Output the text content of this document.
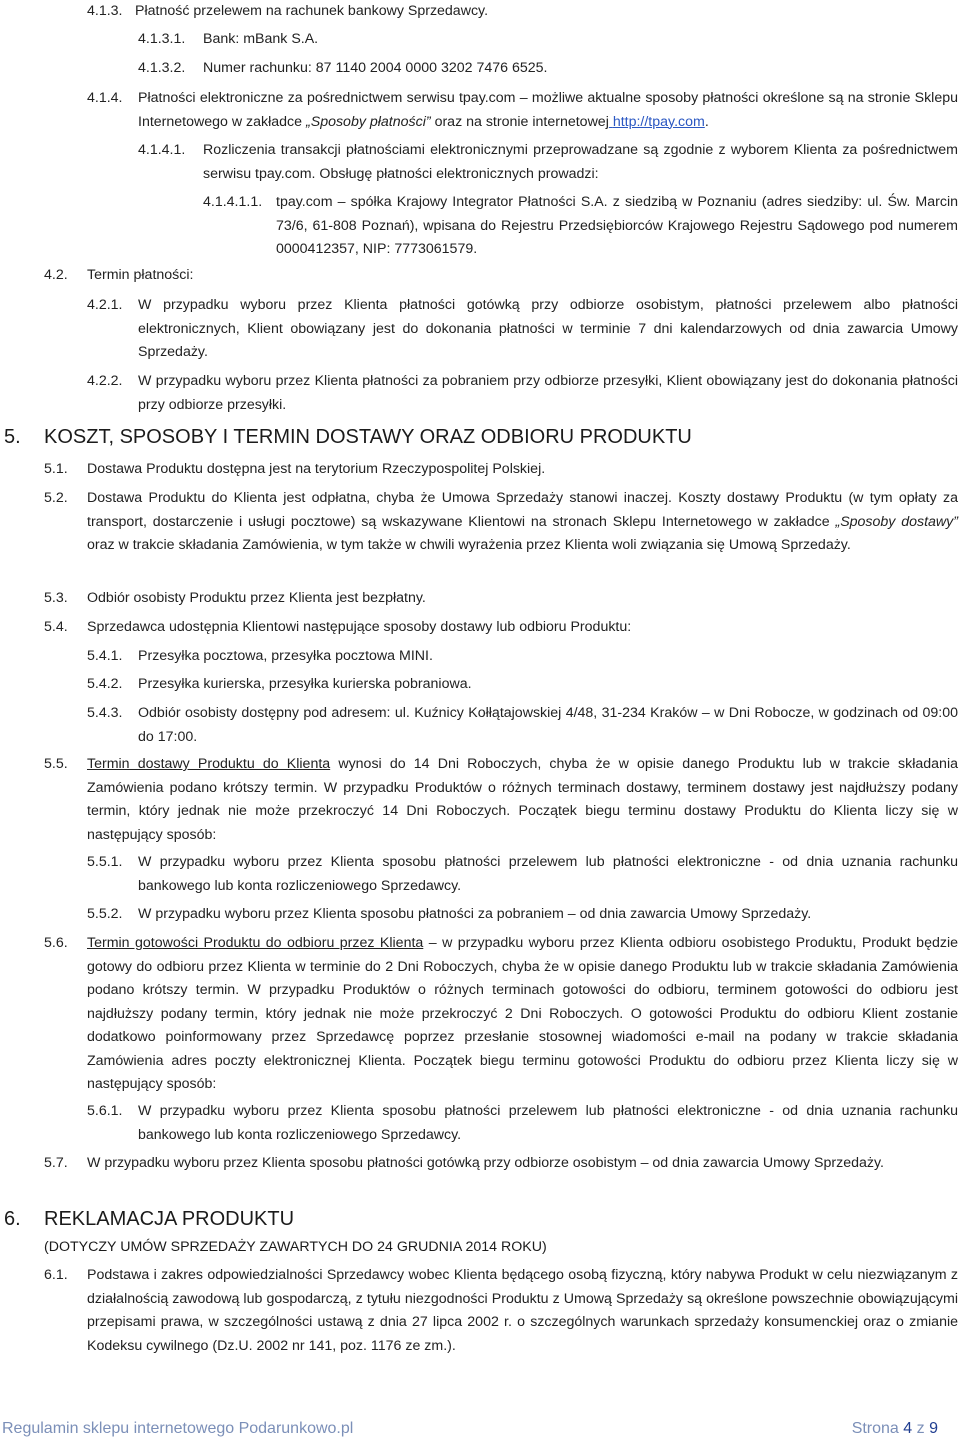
4.1.3. Płatność przelewem na rachunek bankowy Sprzedawcy.
4.1.3.1. Bank: mBank S.A.
4.1.3.2. Numer rachunku: 87 1140 2004 0000 3202 7476 6525.
4.1.4. Płatności elektroniczne za pośrednictwem serwisu tpay.com – możliwe aktualne sposoby płatności określone są na stronie Sklepu Internetowego w zakładce „Sposoby płatności” oraz na stronie internetowej http://tpay.com.
4.1.4.1. Rozliczenia transakcji płatnościami elektronicznymi przeprowadzane są zgodnie z wyborem Klienta za pośrednictwem serwisu tpay.com. Obsługę płatności elektronicznych prowadzi:
4.1.4.1.1. tpay.com – spółka Krajowy Integrator Płatności S.A. z siedzibą w Poznaniu (adres siedziby: ul. Św. Marcin 73/6, 61-808 Poznań), wpisana do Rejestru Przedsiębiorców Krajowego Rejestru Sądowego pod numerem 0000412357, NIP: 7773061579.
4.2. Termin płatności:
4.2.1. W przypadku wyboru przez Klienta płatności gotówką przy odbiorze osobistym, płatności przelewem albo płatności elektronicznych, Klient obowiązany jest do dokonania płatności w terminie 7 dni kalendarzowych od dnia zawarcia Umowy Sprzedaży.
4.2.2. W przypadku wyboru przez Klienta płatności za pobraniem przy odbiorze przesyłki, Klient obowiązany jest do dokonania płatności przy odbiorze przesyłki.
5. KOSZT, SPOSOBY I TERMIN DOSTAWY ORAZ ODBIORU PRODUKTU
5.1. Dostawa Produktu dostępna jest na terytorium Rzeczypospolitej Polskiej.
5.2. Dostawa Produktu do Klienta jest odpłatna, chyba że Umowa Sprzedaży stanowi inaczej. Koszty dostawy Produktu (w tym opłaty za transport, dostarczenie i usługi pocztowe) są wskazywane Klientowi na stronach Sklepu Internetowego w zakładce „Sposoby dostawy”oraz w trakcie składania Zamówienia, w tym także w chwili wyrażenia przez Klienta woli związania się Umową Sprzedaży.
5.3. Odbiór osobisty Produktu przez Klienta jest bezpłatny.
5.4. Sprzedawca udostępnia Klientowi następujące sposoby dostawy lub odbioru Produktu:
5.4.1. Przesyłka pocztowa, przesyłka pocztowa MINI.
5.4.2. Przesyłka kurierska, przesyłka kurierska pobraniowa.
5.4.3. Odbiór osobisty dostępny pod adresem: ul. Kuźnicy Kołłątajowskiej 4/48, 31-234 Kraków – w Dni Robocze, w godzinach od 09:00 do 17:00.
5.5. Termin dostawy Produktu do Klienta wynosi do 14 Dni Roboczych, chyba że w opisie danego Produktu lub w trakcie składania Zamówienia podano krótszy termin. W przypadku Produktów o różnych terminach dostawy, terminem dostawy jest najdłuższy podany termin, który jednak nie może przekroczyć 14 Dni Roboczych. Początek biegu terminu dostawy Produktu do Klienta liczy się w następujący sposób:
5.5.1. W przypadku wyboru przez Klienta sposobu płatności przelewem lub płatności elektroniczne - od dnia uznania rachunku bankowego lub konta rozliczeniowego Sprzedawcy.
5.5.2. W przypadku wyboru przez Klienta sposobu płatności za pobraniem – od dnia zawarcia Umowy Sprzedaży.
5.6. Termin gotowości Produktu do odbioru przez Klienta – w przypadku wyboru przez Klienta odbioru osobistego Produktu, Produkt będzie gotowy do odbioru przez Klienta w terminie do 2 Dni Roboczych, chyba że w opisie danego Produktu lub w trakcie składania Zamówienia podano krótszy termin. W przypadku Produktów o różnych terminach gotowości do odbioru, terminem gotowości do odbioru jest najdłuższy podany termin, który jednak nie może przekroczyć 2 Dni Roboczych. O gotowości Produktu do odbioru Klient zostanie dodatkowo poinformowany przez Sprzedawcę poprzez przesłanie stosownej wiadomości e-mail na podany w trakcie składania Zamówienia adres poczty elektronicznej Klienta. Początek biegu terminu gotowości Produktu do odbioru przez Klienta liczy się w następujący sposób:
5.6.1. W przypadku wyboru przez Klienta sposobu płatności przelewem lub płatności elektroniczne - od dnia uznania rachunku bankowego lub konta rozliczeniowego Sprzedawcy.
5.7. W przypadku wyboru przez Klienta sposobu płatności gotówką przy odbiorze osobistym – od dnia zawarcia Umowy Sprzedaży.
6. REKLAMACJA PRODUKTU
(DOTYCZY UMÓW SPRZEDAŻY ZAWARTYCH DO 24 GRUDNIA 2014 ROKU)
6.1. Podstawa i zakres odpowiedzialności Sprzedawcy wobec Klienta będącego osobą fizyczną, który nabywa Produkt w celu niezwiązanym z działalnością zawodową lub gospodarczą, z tytułu niezgodności Produktu z Umową Sprzedaży są określone powszechnie obowiązującymi przepisami prawa, w szczególności ustawą z dnia 27 lipca 2002 r. o szczególnych warunkach sprzedaży konsumenckiej oraz o zmianie Kodeksu cywilnego (Dz.U. 2002 nr 141, poz. 1176 ze zm.).
Regulamin sklepu internetowego Podarunkowo.pl	Strona 4 z 9
